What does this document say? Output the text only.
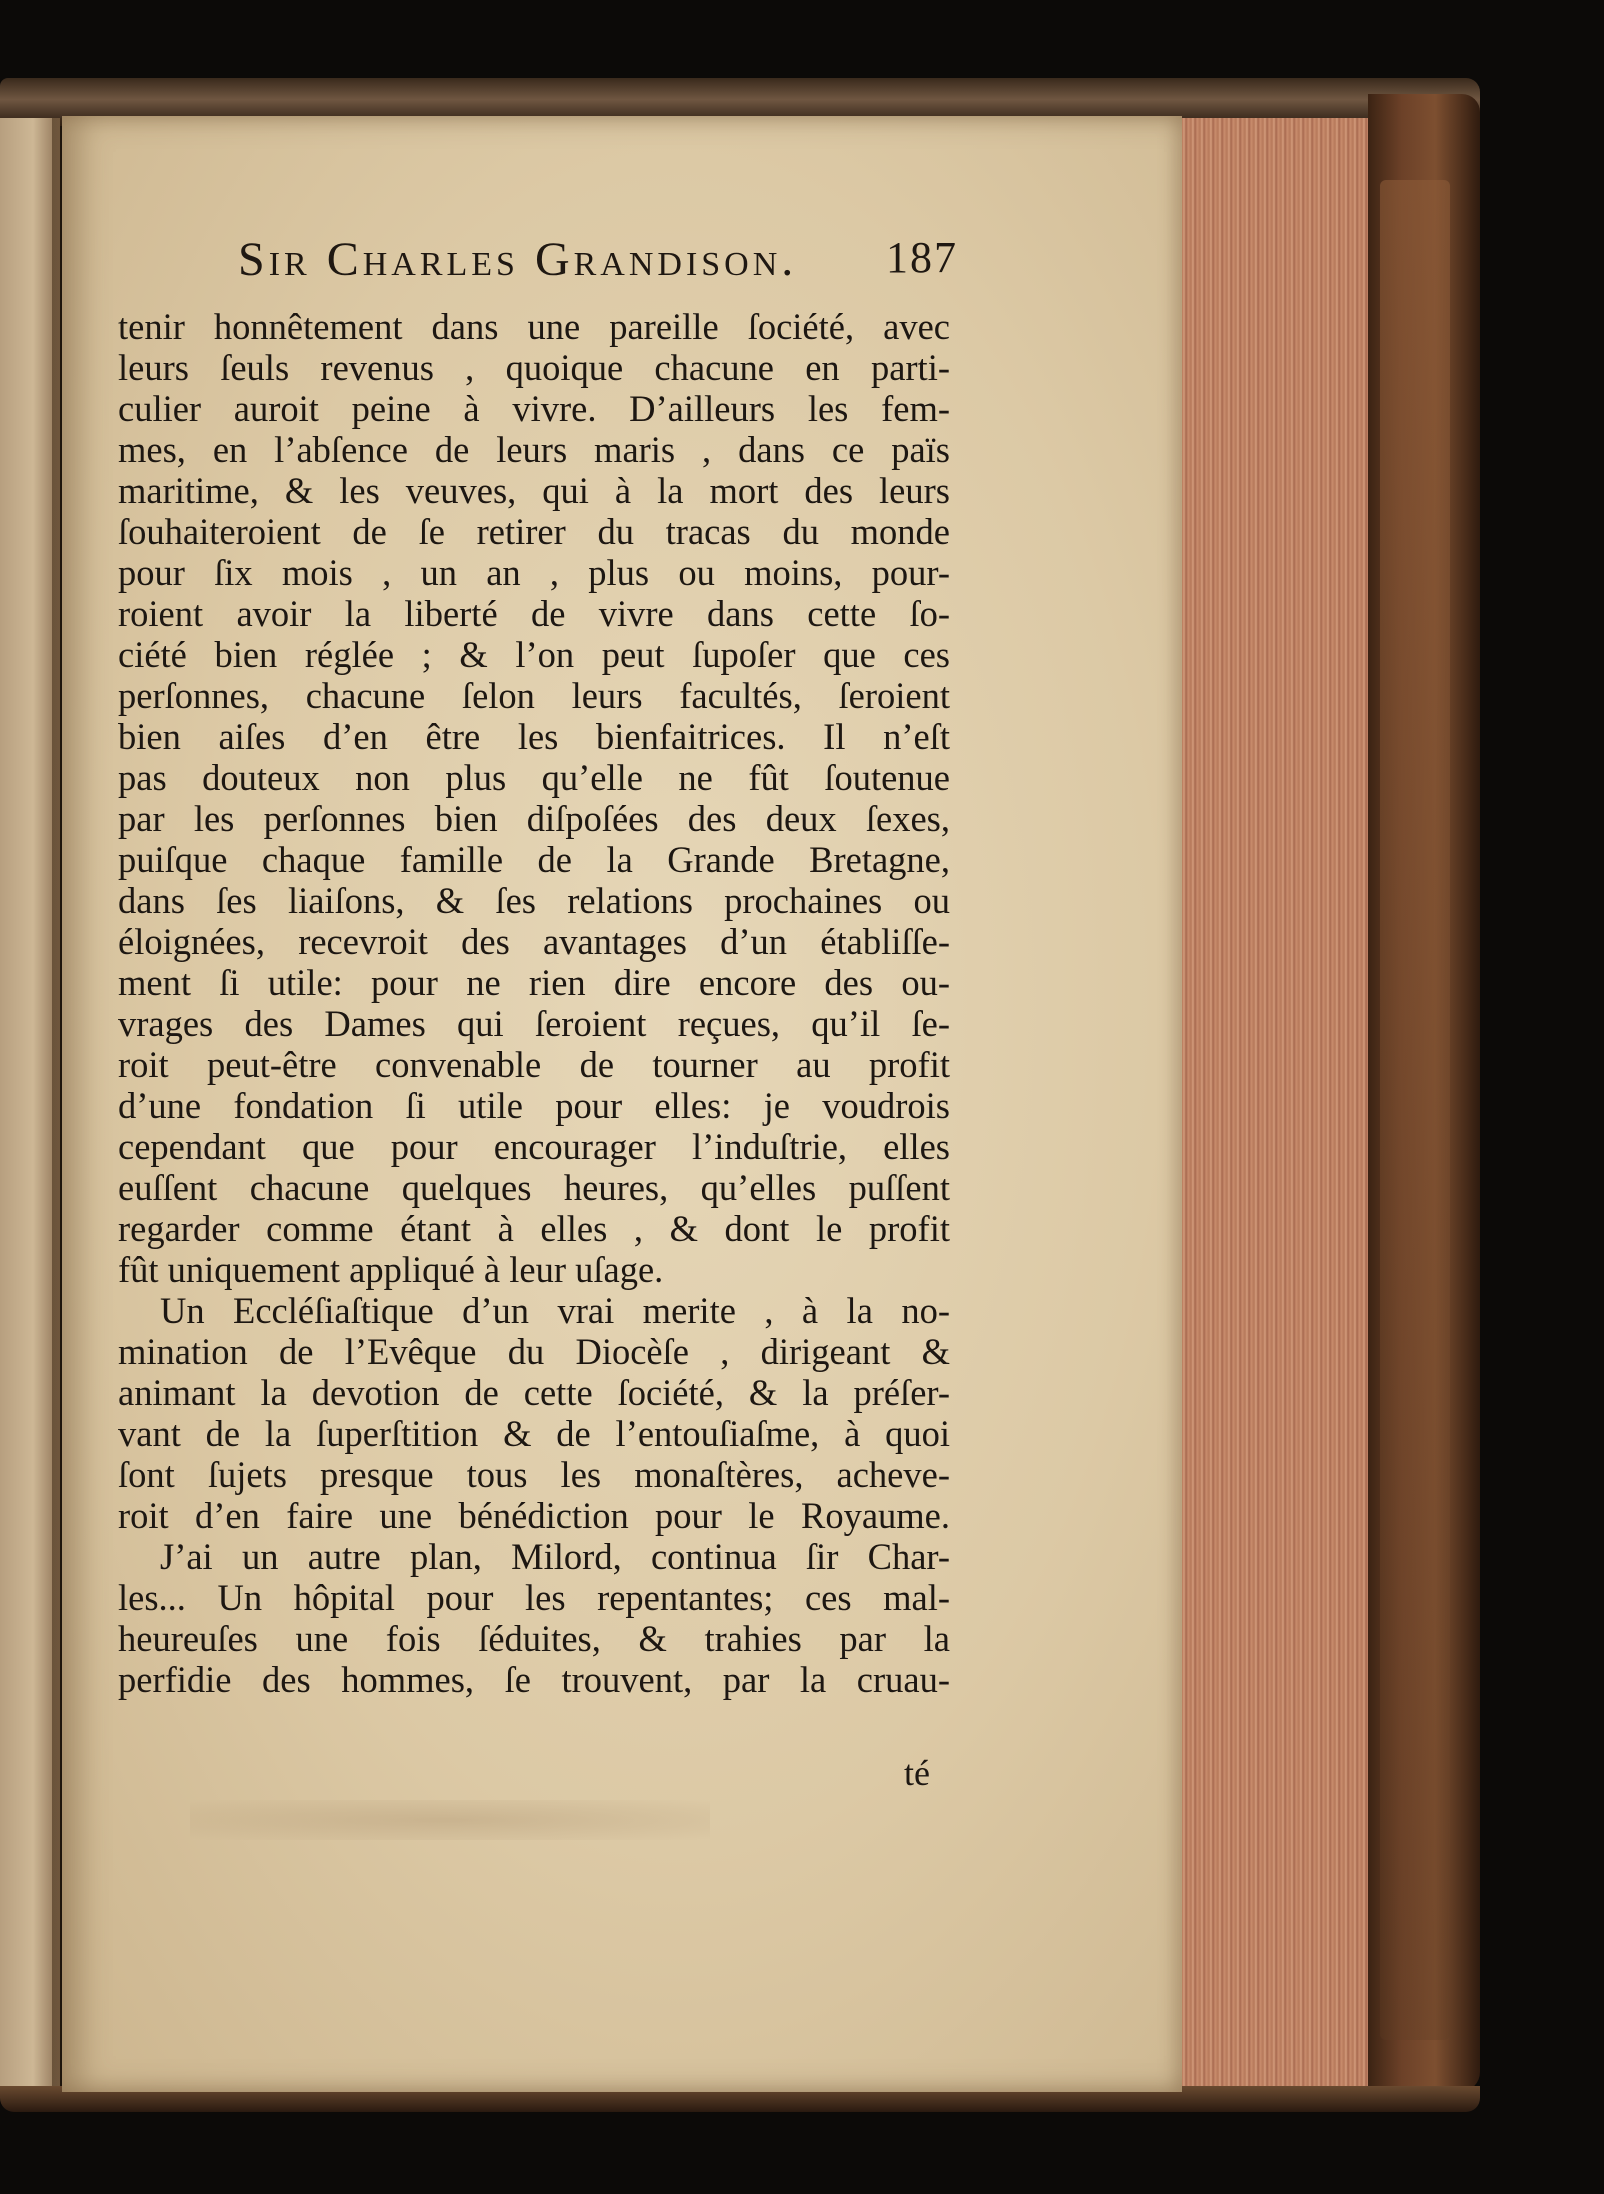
Sir Charles Grandison. 187
tenir honnêtement dans une pareille ſociété, avec
leurs ſeuls revenus , quoique chacune en parti-
culier auroit peine à vivre. D’ailleurs les fem-
mes, en l’abſence de leurs maris , dans ce païs
maritime, & les veuves, qui à la mort des leurs
ſouhaiteroient de ſe retirer du tracas du monde
pour ſix mois , un an , plus ou moins, pour-
roient avoir la liberté de vivre dans cette ſo-
ciété bien réglée ; & l’on peut ſupoſer que ces
perſonnes, chacune ſelon leurs facultés, ſeroient
bien aiſes d’en être les bienfaitrices. Il n’eſt
pas douteux non plus qu’elle ne fût ſoutenue
par les perſonnes bien diſpoſées des deux ſexes,
puiſque chaque famille de la Grande Bretagne,
dans ſes liaiſons, & ſes relations prochaines ou
éloignées, recevroit des avantages d’un établiſſe-
ment ſi utile: pour ne rien dire encore des ou-
vrages des Dames qui ſeroient reçues, qu’il ſe-
roit peut-être convenable de tourner au profit
d’une fondation ſi utile pour elles: je voudrois
cependant que pour encourager l’induſtrie, elles
euſſent chacune quelques heures, qu’elles puſſent
regarder comme étant à elles , & dont le profit
fût uniquement appliqué à leur uſage.
Un Eccléſiaſtique d’un vrai merite , à la no-
mination de l’Evêque du Diocèſe , dirigeant &
animant la devotion de cette ſociété, & la préſer-
vant de la ſuperſtition & de l’entouſiaſme, à quoi
ſont ſujets presque tous les monaſtères, acheve-
roit d’en faire une bénédiction pour le Royaume.
J’ai un autre plan, Milord, continua ſir Char-
les... Un hôpital pour les repentantes; ces mal-
heureuſes une fois ſéduites, & trahies par la
perfidie des hommes, ſe trouvent, par la cruau-
té
